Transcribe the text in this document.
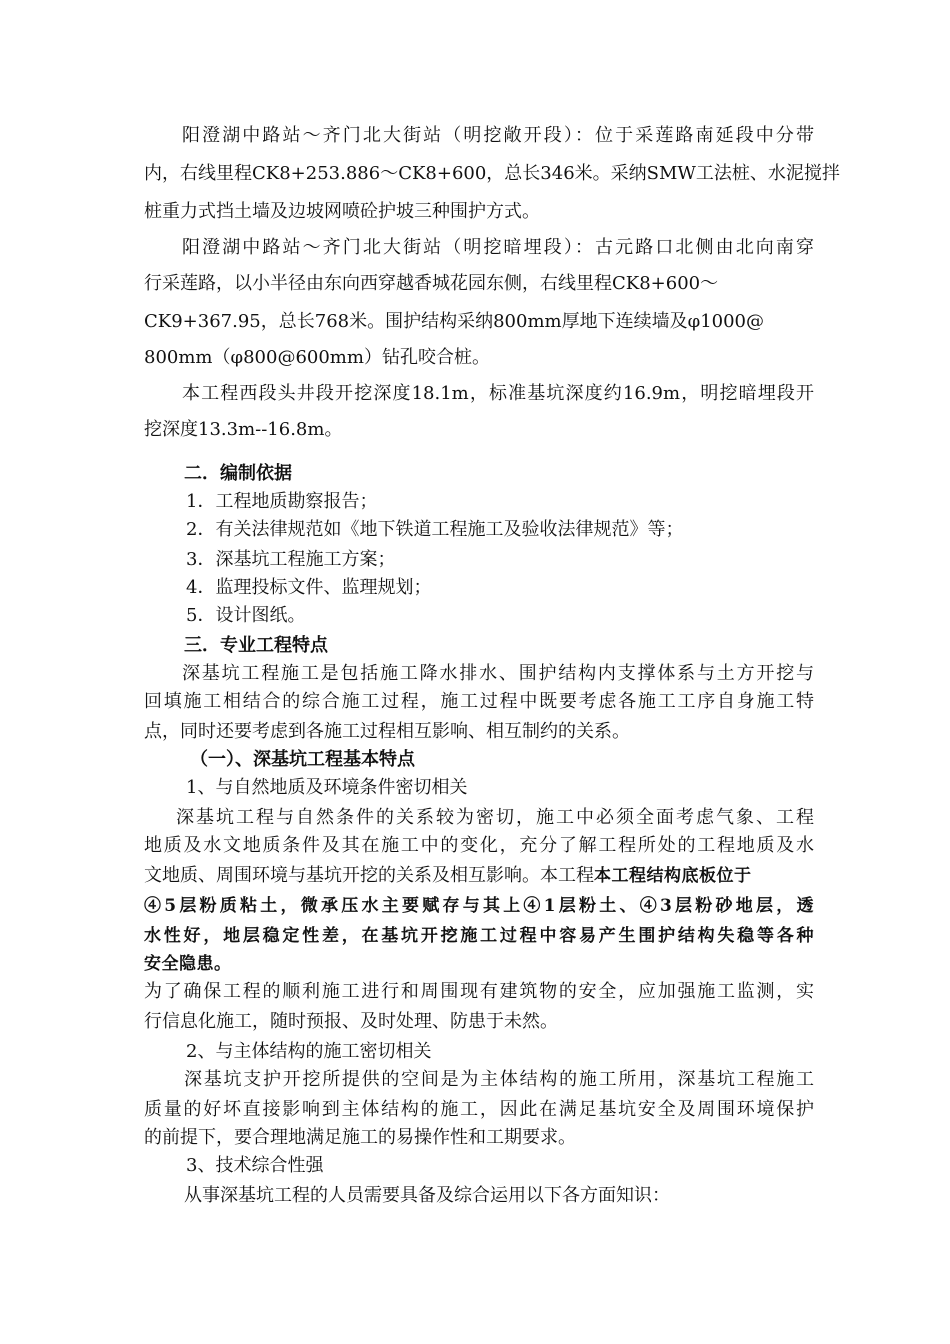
阳澄湖中路站～齐门北大街站（明挖敞开段）：位于采莲路南延段中分带
内，右线里程CK8+253.886～CK8+600，总长346米。采纳SMW工法桩、水泥搅拌
桩重力式挡土墙及边坡网喷砼护坡三种围护方式。
阳澄湖中路站～齐门北大街站（明挖暗埋段）：古元路口北侧由北向南穿
行采莲路，以小半径由东向西穿越香城花园东侧，右线里程CK8+600～
CK9+367.95，总长768米。围护结构采纳800mm厚地下连续墙及φ1000@
800mm（φ800@600mm）钻孔咬合桩。
本工程西段头井段开挖深度18.1m，标准基坑深度约16.9m，明挖暗埋段开
挖深度13.3m--16.8m。
二．编制依据
1．工程地质勘察报告；
2．有关法律规范如《地下铁道工程施工及验收法律规范》等；
3．深基坑工程施工方案；
4．监理投标文件、监理规划；
5．设计图纸。
三．专业工程特点
深基坑工程施工是包括施工降水排水、围护结构内支撑体系与土方开挖与
回填施工相结合的综合施工过程，施工过程中既要考虑各施工工序自身施工特
点，同时还要考虑到各施工过程相互影响、相互制约的关系。
（一）、深基坑工程基本特点
1、与自然地质及环境条件密切相关
深基坑工程与自然条件的关系较为密切，施工中必须全面考虑气象、工程
地质及水文地质条件及其在施工中的变化，充分了解工程所处的工程地质及水
文地质、周围环境与基坑开挖的关系及相互影响。本工程本工程结构底板位于
④5层粉质粘土，微承压水主要赋存与其上④1层粉土、④3层粉砂地层，透
水性好，地层稳定性差，在基坑开挖施工过程中容易产生围护结构失稳等各种
安全隐患。
为了确保工程的顺利施工进行和周围现有建筑物的安全，应加强施工监测，实
行信息化施工，随时预报、及时处理、防患于未然。
2、与主体结构的施工密切相关
深基坑支护开挖所提供的空间是为主体结构的施工所用，深基坑工程施工
质量的好坏直接影响到主体结构的施工，因此在满足基坑安全及周围环境保护
的前提下，要合理地满足施工的易操作性和工期要求。
3、技术综合性强
从事深基坑工程的人员需要具备及综合运用以下各方面知识：
